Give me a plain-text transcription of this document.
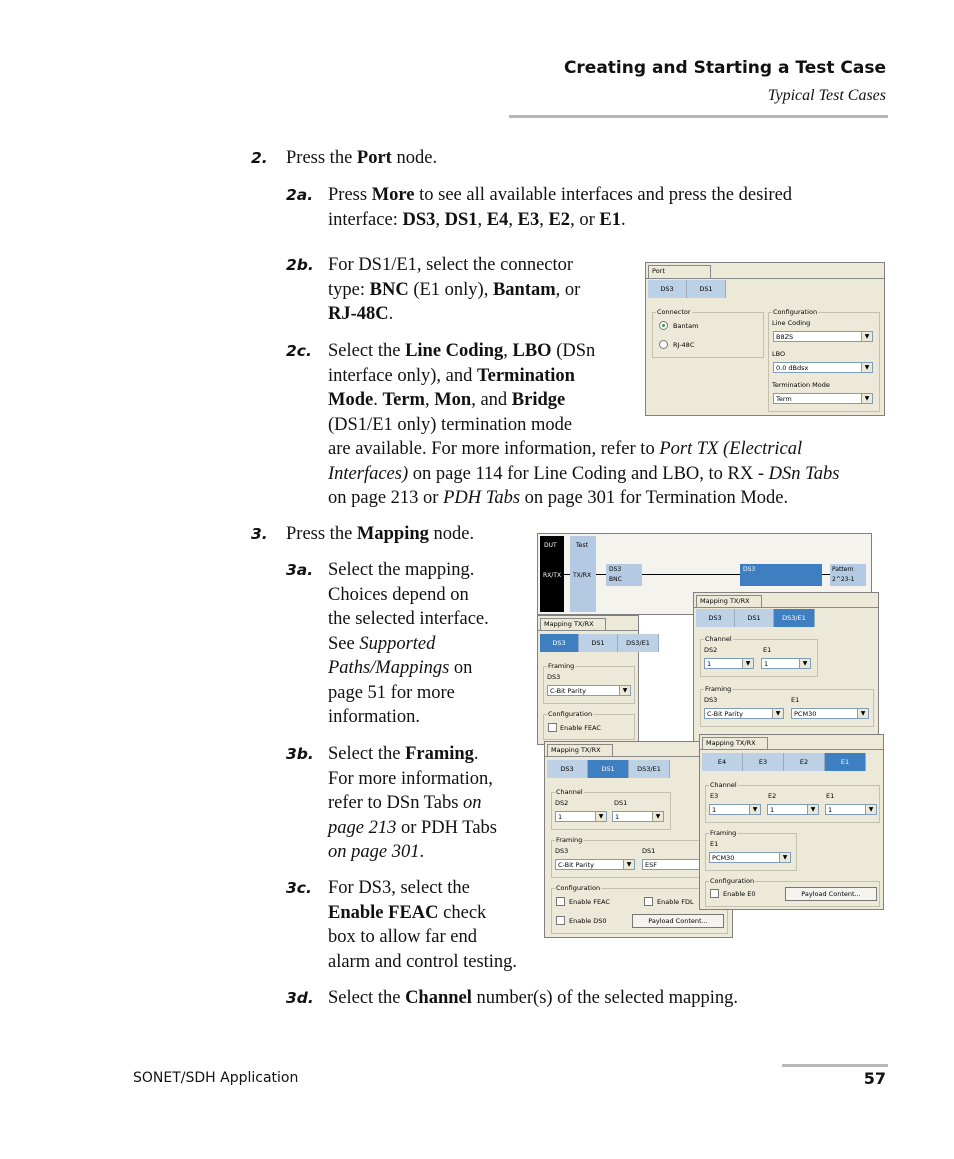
Creating and Starting a Test Case
Typical Test Cases
2. Press the Port node.
2a. Press More to see all available interfaces and press the desired
interface: DS3, DS1, E4, E3, E2, or E1.
2b. For DS1/E1, select the connector
type: BNC (E1 only), Bantam, or
RJ-48C.
2c. Select the Line Coding, LBO (DSn
interface only), and Termination
Mode. Term, Mon, and Bridge
(DS1/E1 only) termination mode
are available. For more information, refer to Port TX (Electrical
Interfaces) on page 114 for Line Coding and LBO, to RX - DSn Tabs
on page 213 or PDH Tabs on page 301 for Termination Mode.
Port
DS3	DS1
Connector
Bantam
RJ-48C
Configuration
Line Coding
B8ZS	▼
LBO
0.0 dBdsx	▼
Termination Mode
Term	▼
3. Press the Mapping node.
3a. Select the mapping.
Choices depend on
the selected interface.
See Supported
Paths/Mappings on
page 51 for more
information.
3b. Select the Framing.
For more information,
refer to DSn Tabs on
page 213 or PDH Tabs
on page 301.
3c. For DS3, select the
Enable FEAC check
box to allow far end
alarm and control testing.
3d. Select the Channel number(s) of the selected mapping.
DUT
RX/TX
Test
TX/RX
DS3
BNC
DS3	Pattern
2^23-1
Mapping TX/RX
DS3	DS1	DS3/E1
Framing
DS3
C-Bit Parity	▼
Configuration
Enable FEAC
Mapping TX/RX
DS3	DS1	DS3/E1
Channel
DS2	E1
1	▼	1	▼
Framing
DS3	E1
C-Bit Parity	▼	PCM30	▼
Mapping TX/RX
DS3	DS1	DS3/E1
Channel
DS2	DS1
1	▼	1	▼
Framing
DS3	DS1
C-Bit Parity	▼	ESF
Configuration
Enable FEAC	Enable FDL
Enable DS0	Payload Content...
Mapping TX/RX
E4	E3	E2	E1
Channel
E3	E2	E1
1	▼	1	▼	1	▼
Framing
E1
PCM30	▼
Configuration
Enable E0	Payload Content...
SONET/SDH Application	57
